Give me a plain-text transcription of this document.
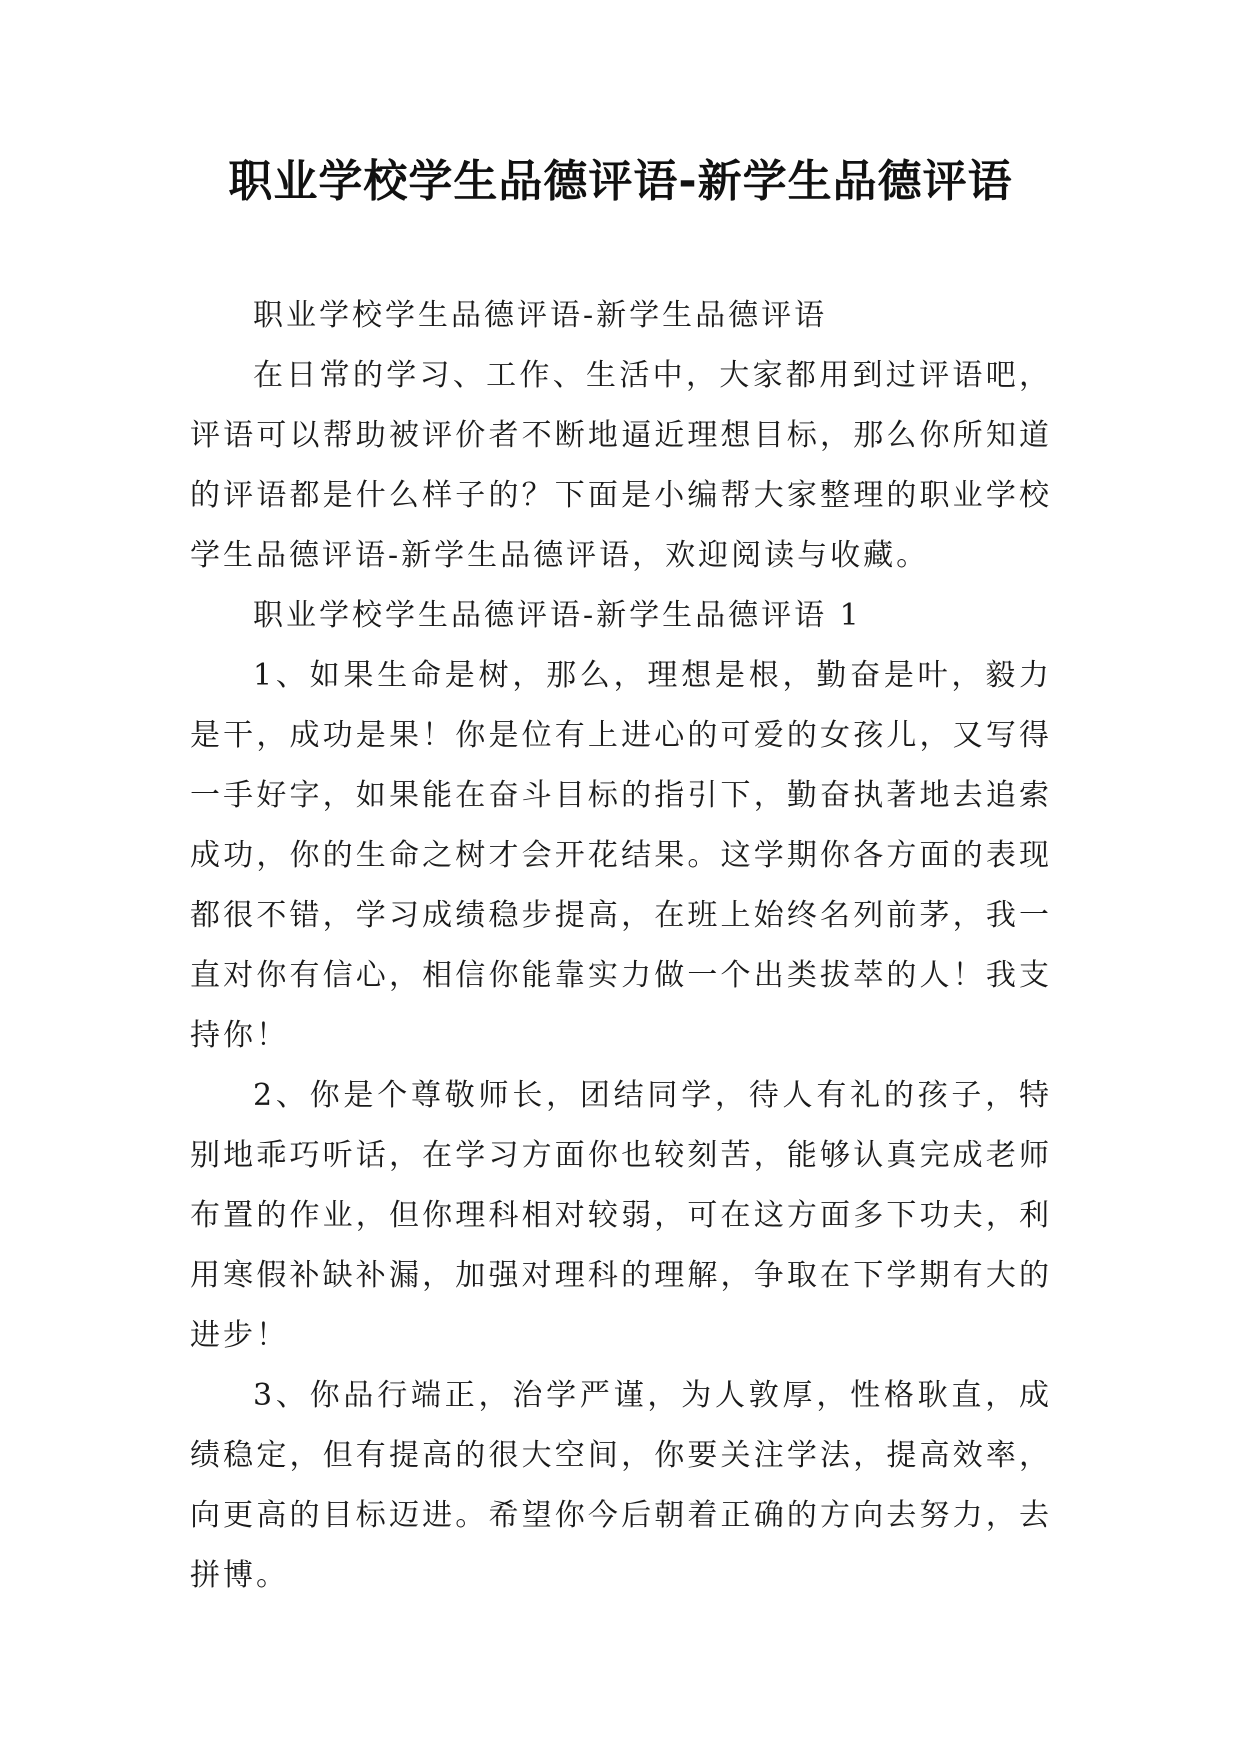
职业学校学生品德评语-新学生品德评语

职业学校学生品德评语-新学生品德评语

在日常的学习、工作、生活中，大家都用到过评语吧，评语可以帮助被评价者不断地逼近理想目标，那么你所知道的评语都是什么样子的？下面是小编帮大家整理的职业学校学生品德评语-新学生品德评语，欢迎阅读与收藏。

职业学校学生品德评语-新学生品德评语 1

1、如果生命是树，那么，理想是根，勤奋是叶，毅力是干，成功是果！你是位有上进心的可爱的女孩儿，又写得一手好字，如果能在奋斗目标的指引下，勤奋执著地去追索成功，你的生命之树才会开花结果。这学期你各方面的表现都很不错，学习成绩稳步提高，在班上始终名列前茅，我一直对你有信心，相信你能靠实力做一个出类拔萃的人！我支持你！

2、你是个尊敬师长，团结同学，待人有礼的孩子，特别地乖巧听话，在学习方面你也较刻苦，能够认真完成老师布置的作业，但你理科相对较弱，可在这方面多下功夫，利用寒假补缺补漏，加强对理科的理解，争取在下学期有大的进步！

3、你品行端正，治学严谨，为人敦厚，性格耿直，成绩稳定，但有提高的很大空间，你要关注学法，提高效率，向更高的目标迈进。希望你今后朝着正确的方向去努力，去拼博。
